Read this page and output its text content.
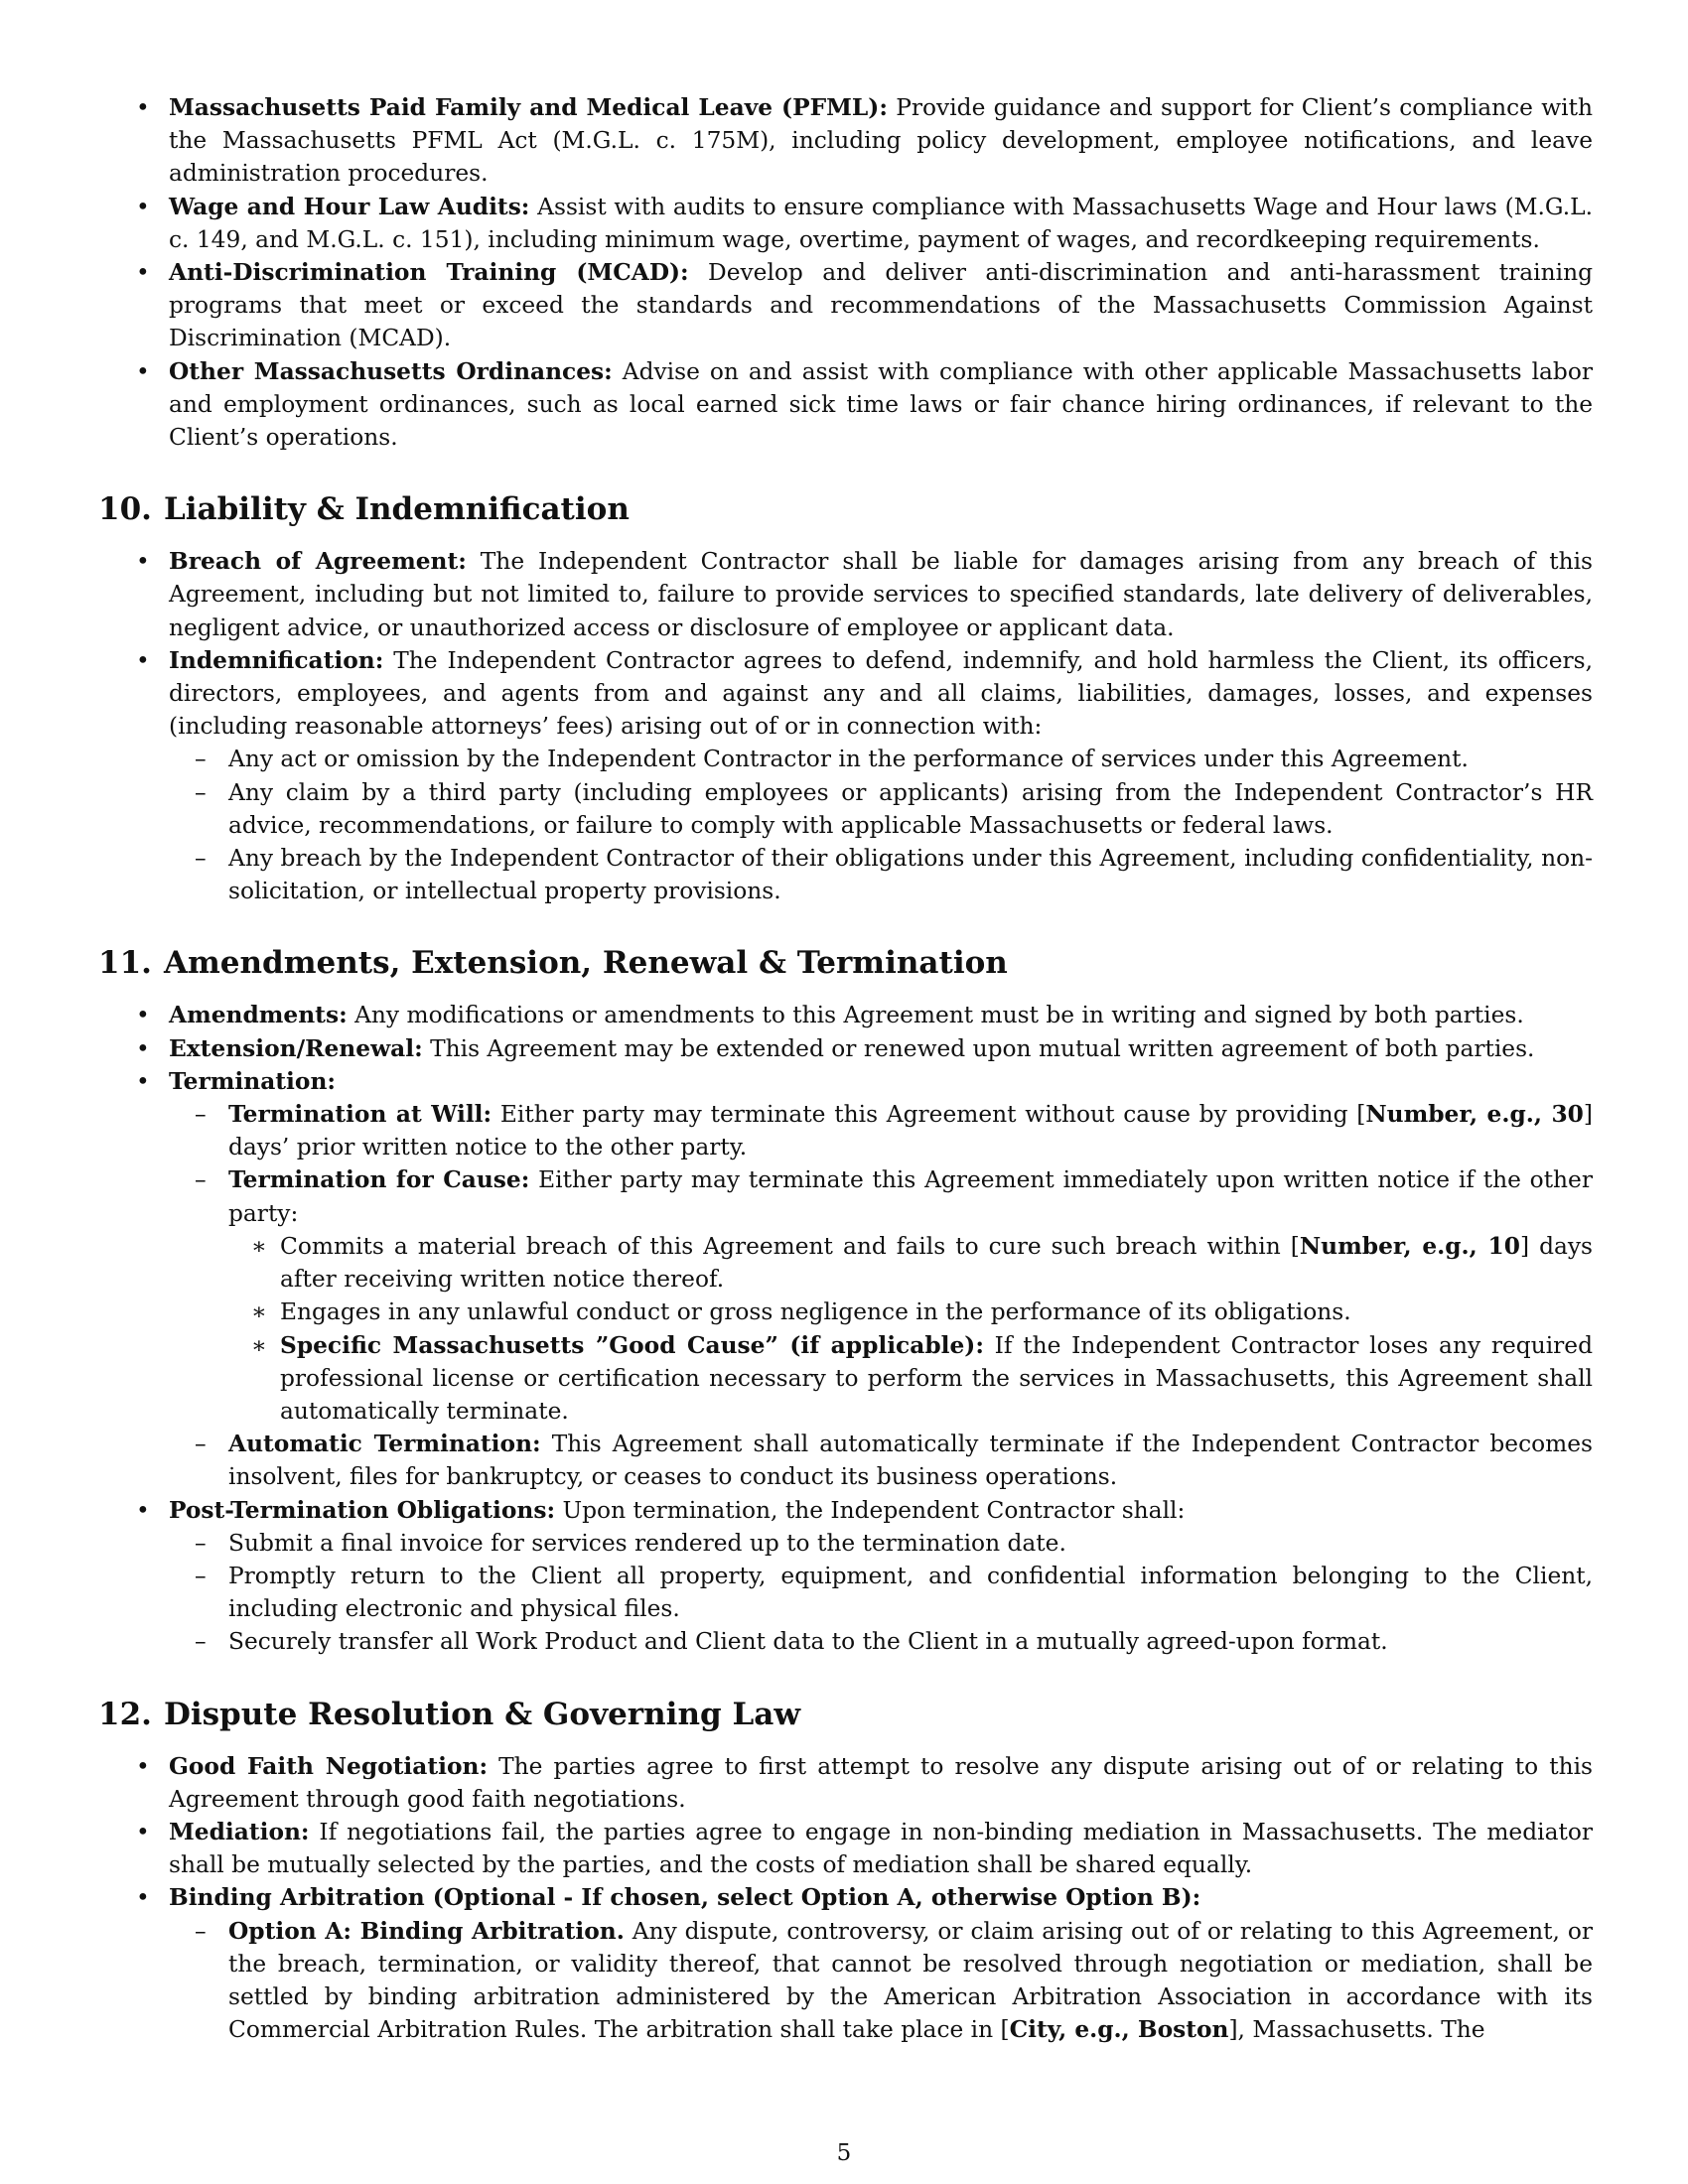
• Massachusetts Paid Family and Medical Leave (PFML): Provide guidance and support for Client’s compliance with the Massachusetts PFML Act (M.G.L. c. 175M), including policy development, employee notifications, and leave administration procedures.
• Wage and Hour Law Audits: Assist with audits to ensure compliance with Massachusetts Wage and Hour laws (M.G.L. c. 149, and M.G.L. c. 151), including minimum wage, overtime, payment of wages, and recordkeeping requirements.
• Anti-Discrimination Training (MCAD): Develop and deliver anti-discrimination and anti-harassment training programs that meet or exceed the standards and recommendations of the Massachusetts Commission Against Discrimination (MCAD).
• Other Massachusetts Ordinances: Advise on and assist with compliance with other applicable Massachusetts labor and employment ordinances, such as local earned sick time laws or fair chance hiring ordinances, if relevant to the Client’s operations.
10. Liability & Indemnification
• Breach of Agreement: The Independent Contractor shall be liable for damages arising from any breach of this Agreement, including but not limited to, failure to provide services to specified standards, late delivery of deliverables, negligent advice, or unauthorized access or disclosure of employee or applicant data.
• Indemnification: The Independent Contractor agrees to defend, indemnify, and hold harmless the Client, its officers, directors, employees, and agents from and against any and all claims, liabilities, damages, losses, and expenses (including reasonable attorneys’ fees) arising out of or in connection with:
– Any act or omission by the Independent Contractor in the performance of services under this Agreement.
– Any claim by a third party (including employees or applicants) arising from the Independent Contractor’s HR advice, recommendations, or failure to comply with applicable Massachusetts or federal laws.
– Any breach by the Independent Contractor of their obligations under this Agreement, including confidentiality, non-solicitation, or intellectual property provisions.
11. Amendments, Extension, Renewal & Termination
• Amendments: Any modifications or amendments to this Agreement must be in writing and signed by both parties.
• Extension/Renewal: This Agreement may be extended or renewed upon mutual written agreement of both parties.
• Termination:
– Termination at Will: Either party may terminate this Agreement without cause by providing [Number, e.g., 30] days’ prior written notice to the other party.
– Termination for Cause: Either party may terminate this Agreement immediately upon written notice if the other party:
∗ Commits a material breach of this Agreement and fails to cure such breach within [Number, e.g., 10] days after receiving written notice thereof.
∗ Engages in any unlawful conduct or gross negligence in the performance of its obligations.
∗ Specific Massachusetts ”Good Cause” (if applicable): If the Independent Contractor loses any required professional license or certification necessary to perform the services in Massachusetts, this Agreement shall automatically terminate.
– Automatic Termination: This Agreement shall automatically terminate if the Independent Contractor becomes insolvent, files for bankruptcy, or ceases to conduct its business operations.
• Post-Termination Obligations: Upon termination, the Independent Contractor shall:
– Submit a final invoice for services rendered up to the termination date.
– Promptly return to the Client all property, equipment, and confidential information belonging to the Client, including electronic and physical files.
– Securely transfer all Work Product and Client data to the Client in a mutually agreed-upon format.
12. Dispute Resolution & Governing Law
• Good Faith Negotiation: The parties agree to first attempt to resolve any dispute arising out of or relating to this Agreement through good faith negotiations.
• Mediation: If negotiations fail, the parties agree to engage in non-binding mediation in Massachusetts. The mediator shall be mutually selected by the parties, and the costs of mediation shall be shared equally.
• Binding Arbitration (Optional - If chosen, select Option A, otherwise Option B):
– Option A: Binding Arbitration. Any dispute, controversy, or claim arising out of or relating to this Agreement, or the breach, termination, or validity thereof, that cannot be resolved through negotiation or mediation, shall be settled by binding arbitration administered by the American Arbitration Association in accordance with its Commercial Arbitration Rules. The arbitration shall take place in [City, e.g., Boston], Massachusetts. The
5
